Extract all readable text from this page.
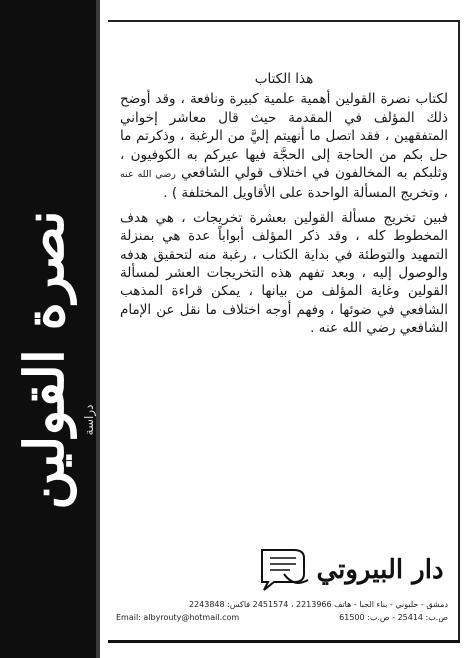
نصرة القولين دراسة

هذا الكتاب

لكتاب نصرة القولين أهمية علمية كبيرة ونافعة ، وقد أوضح ذلك المؤلف في المقدمة حيث قال معاشر إخواني المتفقهين ، فقد اتصل ما أنهيتم إليَّ من الرغبة ، وذكرتم ما حل بكم من الحاجة إلى الحجَّة فيها عيركم به الكوفيون ، وثلبكم به المخالفون في اختلاف قولي الشافعي رضي الله عنه ، وتخريج المسألة الواحدة على الأقاويل المختلفة ) .

فبين تخريج مسألة القولين بعشرة تخريجات ، هي هدف المخطوط كله ، وقد ذكر المؤلف أبواباً عدة هي بمنزلة التمهيد والتوطئة في بداية الكتاب ، رغبة منه لتحقيق هدفه والوصول إليه ، وبعد تفهم هذه التخريجات العشر لمسألة القولين وغاية المؤلف من بيانها ، يمكن قراءة المذهب الشافعي في ضوئها ، وفهم أوجه اختلاف ما نقل عن الإمام الشافعي رضي الله عنه .

دار البيروتي
دمشق - حلبوني - بناء الجبا - هاتف 2213966 ، 2451574 فاكس: 2243848
ص.ب: 25414 - ص.ب: 61500
Email: albyrouty@hotmail.com
